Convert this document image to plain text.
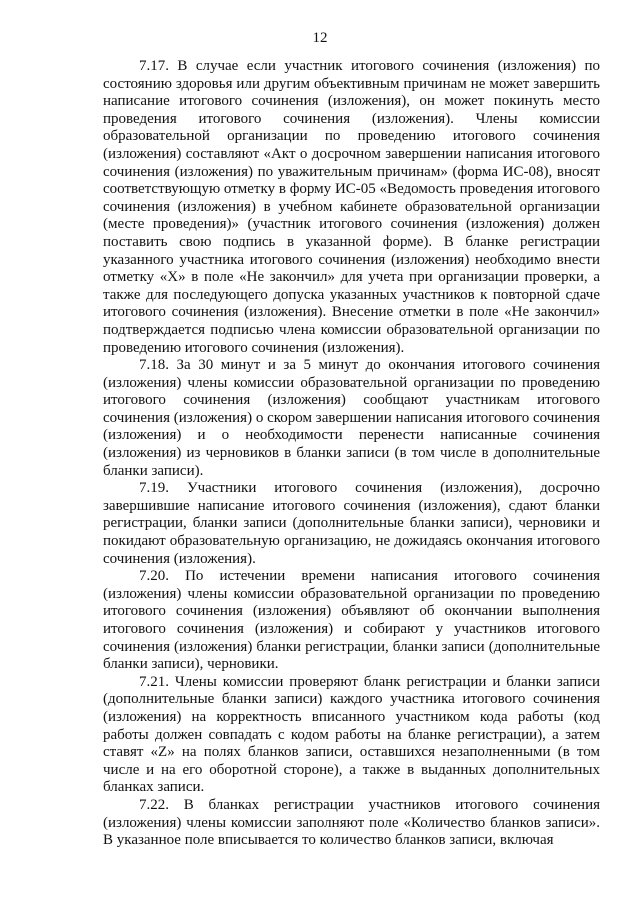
12

7.17. В случае если участник итогового сочинения (изложения) по состоянию здоровья или другим объективным причинам не может завершить написание итогового сочинения (изложения), он может покинуть место проведения итогового сочинения (изложения). Члены комиссии образовательной организации по проведению итогового сочинения (изложения) составляют «Акт о досрочном завершении написания итогового сочинения (изложения) по уважительным причинам» (форма ИС-08), вносят соответствующую отметку в форму ИС-05 «Ведомость проведения итогового сочинения (изложения) в учебном кабинете образовательной организации (месте проведения)» (участник итогового сочинения (изложения) должен поставить свою подпись в указанной форме). В бланке регистрации указанного участника итогового сочинения (изложения) необходимо внести отметку «X» в поле «Не закончил» для учета при организации проверки, а также для последующего допуска указанных участников к повторной сдаче итогового сочинения (изложения). Внесение отметки в поле «Не закончил» подтверждается подписью члена комиссии образовательной организации по проведению итогового сочинения (изложения).

7.18. За 30 минут и за 5 минут до окончания итогового сочинения (изложения) члены комиссии образовательной организации по проведению итогового сочинения (изложения) сообщают участникам итогового сочинения (изложения) о скором завершении написания итогового сочинения (изложения) и о необходимости перенести написанные сочинения (изложения) из черновиков в бланки записи (в том числе в дополнительные бланки записи).

7.19. Участники итогового сочинения (изложения), досрочно завершившие написание итогового сочинения (изложения), сдают бланки регистрации, бланки записи (дополнительные бланки записи), черновики и покидают образовательную организацию, не дожидаясь окончания итогового сочинения (изложения).

7.20. По истечении времени написания итогового сочинения (изложения) члены комиссии образовательной организации по проведению итогового сочинения (изложения) объявляют об окончании выполнения итогового сочинения (изложения) и собирают у участников итогового сочинения (изложения) бланки регистрации, бланки записи (дополнительные бланки записи), черновики.

7.21. Члены комиссии проверяют бланк регистрации и бланки записи (дополнительные бланки записи) каждого участника итогового сочинения (изложения) на корректность вписанного участником кода работы (код работы должен совпадать с кодом работы на бланке регистрации), а затем ставят «Z» на полях бланков записи, оставшихся незаполненными (в том числе и на его оборотной стороне), а также в выданных дополнительных бланках записи.

7.22. В бланках регистрации участников итогового сочинения (изложения) члены комиссии заполняют поле «Количество бланков записи». В указанное поле вписывается то количество бланков записи, включая
